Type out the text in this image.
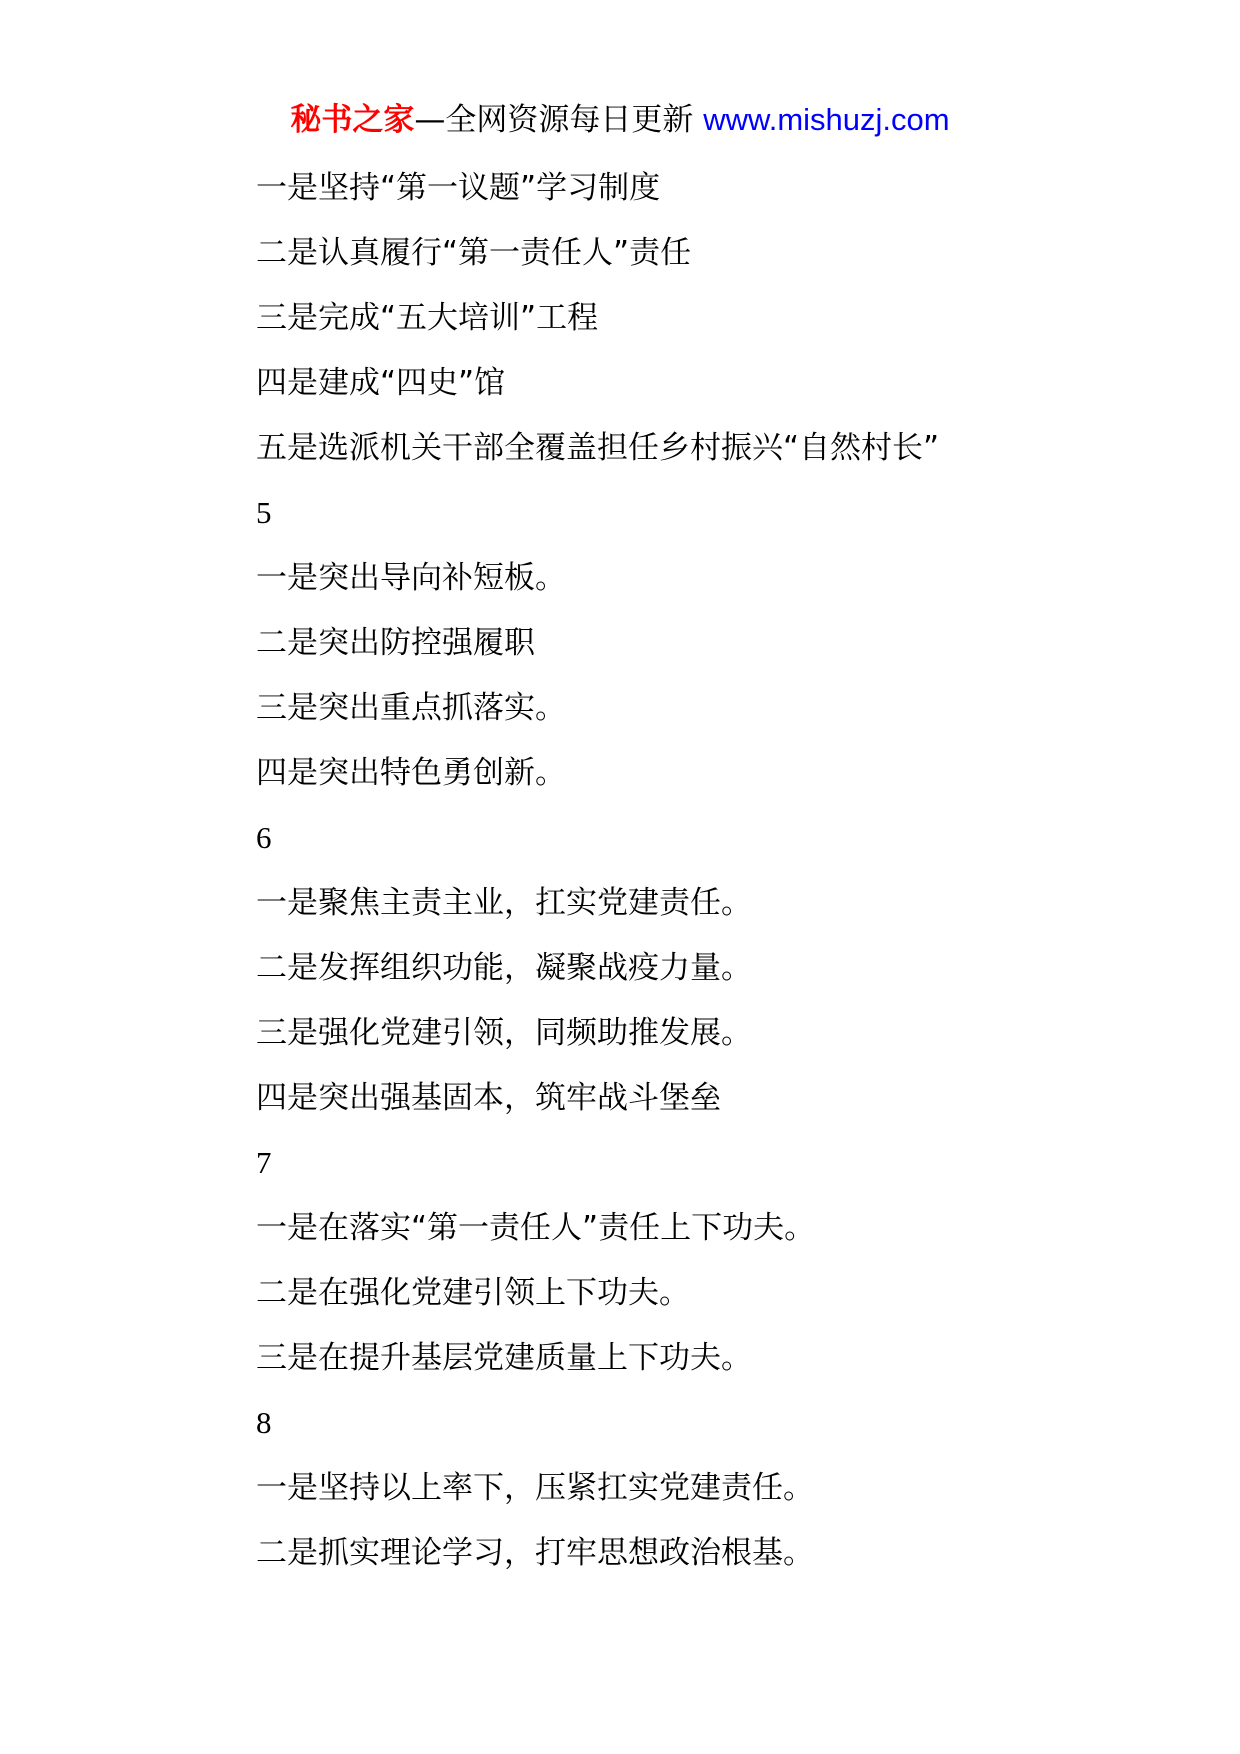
秘书之家—全网资源每日更新 www.mishuzj.com
一是坚持“第一议题”学习制度
二是认真履行“第一责任人”责任
三是完成“五大培训”工程
四是建成“四史”馆
五是选派机关干部全覆盖担任乡村振兴“自然村长”
5
一是突出导向补短板。
二是突出防控强履职
三是突出重点抓落实。
四是突出特色勇创新。
6
一是聚焦主责主业，扛实党建责任。
二是发挥组织功能，凝聚战疫力量。
三是强化党建引领，同频助推发展。
四是突出强基固本，筑牢战斗堡垒
7
一是在落实“第一责任人”责任上下功夫。
二是在强化党建引领上下功夫。
三是在提升基层党建质量上下功夫。
8
一是坚持以上率下，压紧扛实党建责任。
二是抓实理论学习，打牢思想政治根基。
